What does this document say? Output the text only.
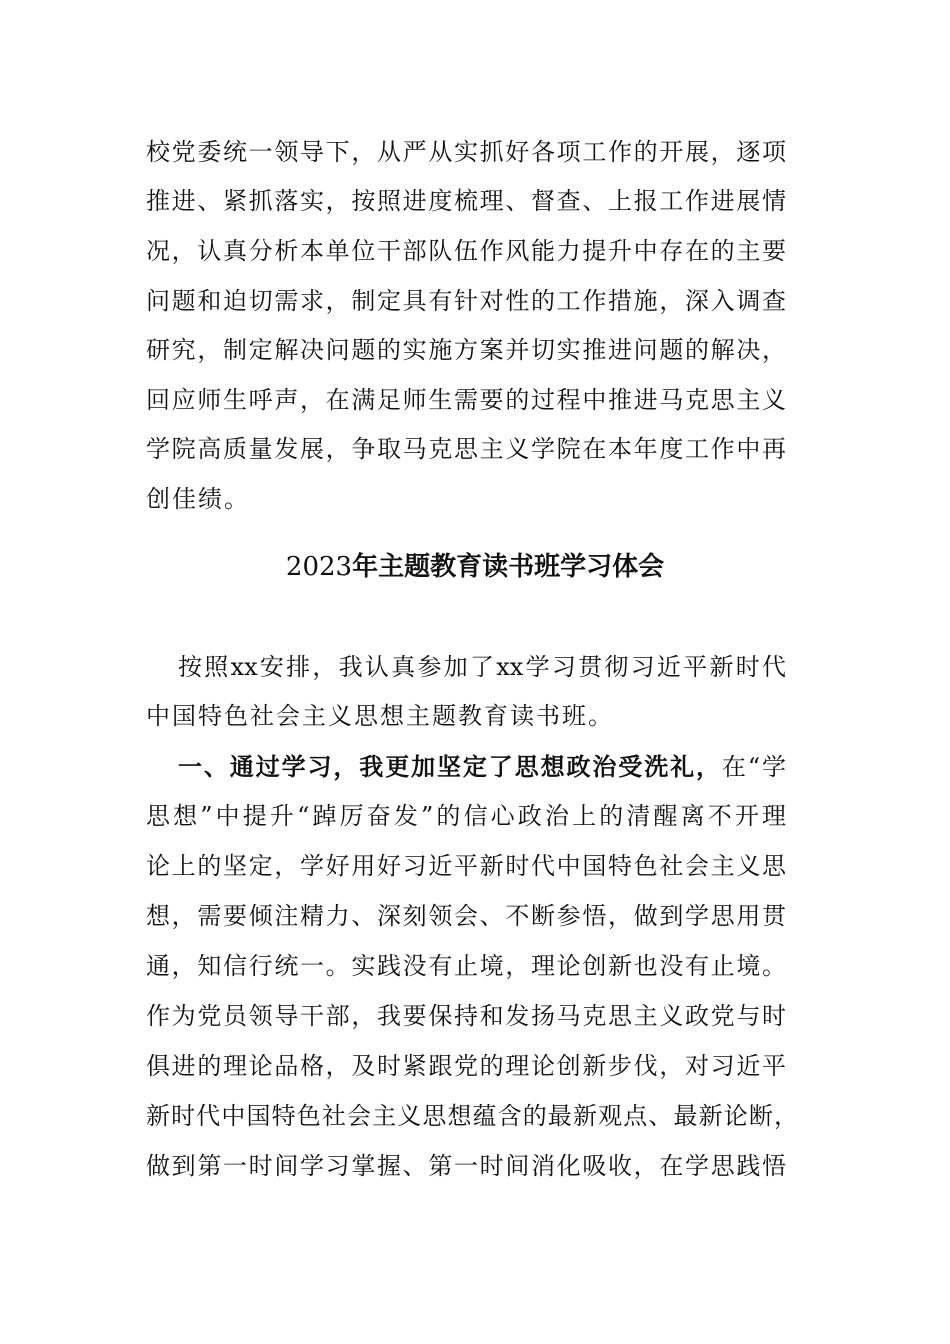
校党委统一领导下，从严从实抓好各项工作的开展，逐项
推进、紧抓落实，按照进度梳理、督查、上报工作进展情
况，认真分析本单位干部队伍作风能力提升中存在的主要
问题和迫切需求，制定具有针对性的工作措施，深入调查
研究，制定解决问题的实施方案并切实推进问题的解决，
回应师生呼声，在满足师生需要的过程中推进马克思主义
学院高质量发展，争取马克思主义学院在本年度工作中再
创佳绩。
2023年主题教育读书班学习体会
按照xx安排，我认真参加了xx学习贯彻习近平新时代
中国特色社会主义思想主题教育读书班。
一、通过学习，我更加坚定了思想政治受洗礼，在“学
思想”中提升“踔厉奋发”的信心政治上的清醒离不开理
论上的坚定，学好用好习近平新时代中国特色社会主义思
想，需要倾注精力、深刻领会、不断参悟，做到学思用贯
通，知信行统一。实践没有止境，理论创新也没有止境。
作为党员领导干部，我要保持和发扬马克思主义政党与时
俱进的理论品格，及时紧跟党的理论创新步伐，对习近平
新时代中国特色社会主义思想蕴含的最新观点、最新论断，
做到第一时间学习掌握、第一时间消化吸收，在学思践悟
